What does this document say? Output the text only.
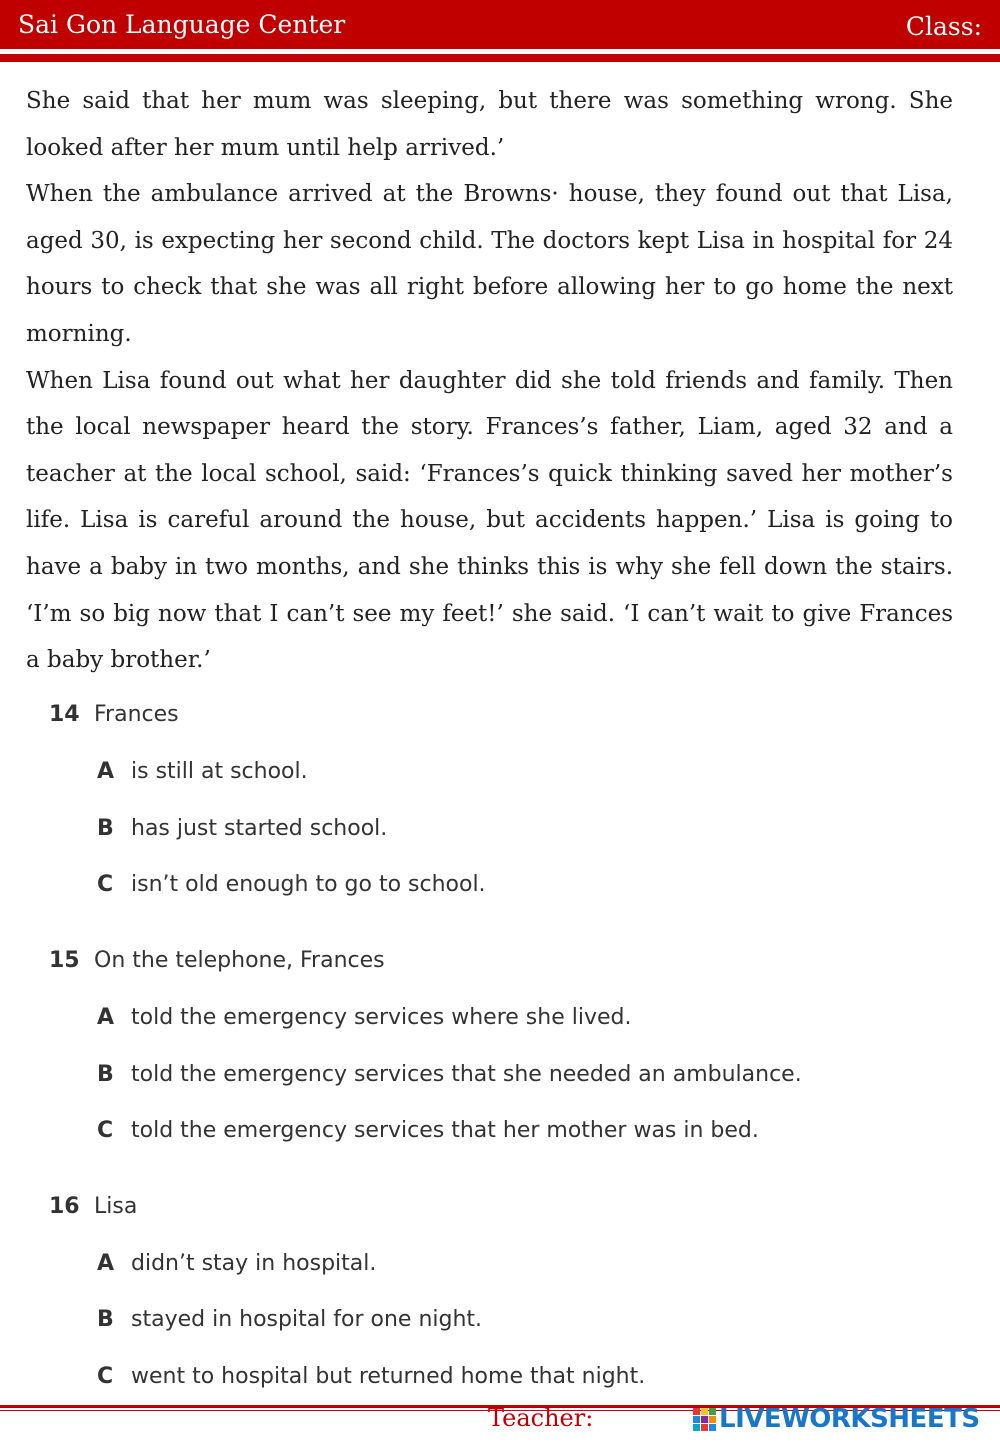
Sai Gon Language Center	Class:

She said that her mum was sleeping, but there was something wrong. She looked after her mum until help arrived.’

When the ambulance arrived at the Browns· house, they found out that Lisa, aged 30, is expecting her second child. The doctors kept Lisa in hospital for 24 hours to check that she was all right before allowing her to go home the next morning.

When Lisa found out what her daughter did she told friends and family. Then the local newspaper heard the story. Frances’s father, Liam, aged 32 and a teacher at the local school, said: ‘Frances’s quick thinking saved her mother’s life. Lisa is careful around the house, but accidents happen.’ Lisa is going to have a baby in two months, and she thinks this is why she fell down the stairs. ‘I’m so big now that I can’t see my feet!’ she said. ‘I can’t wait to give Frances a baby brother.’

14 Frances
A is still at school.
B has just started school.
C isn’t old enough to go to school.
15 On the telephone, Frances
A told the emergency services where she lived.
B told the emergency services that she needed an ambulance.
C told the emergency services that her mother was in bed.
16 Lisa
A didn’t stay in hospital.
B stayed in hospital for one night.
C went to hospital but returned home that night.
Teacher:	LIVEWORKSHEETS
